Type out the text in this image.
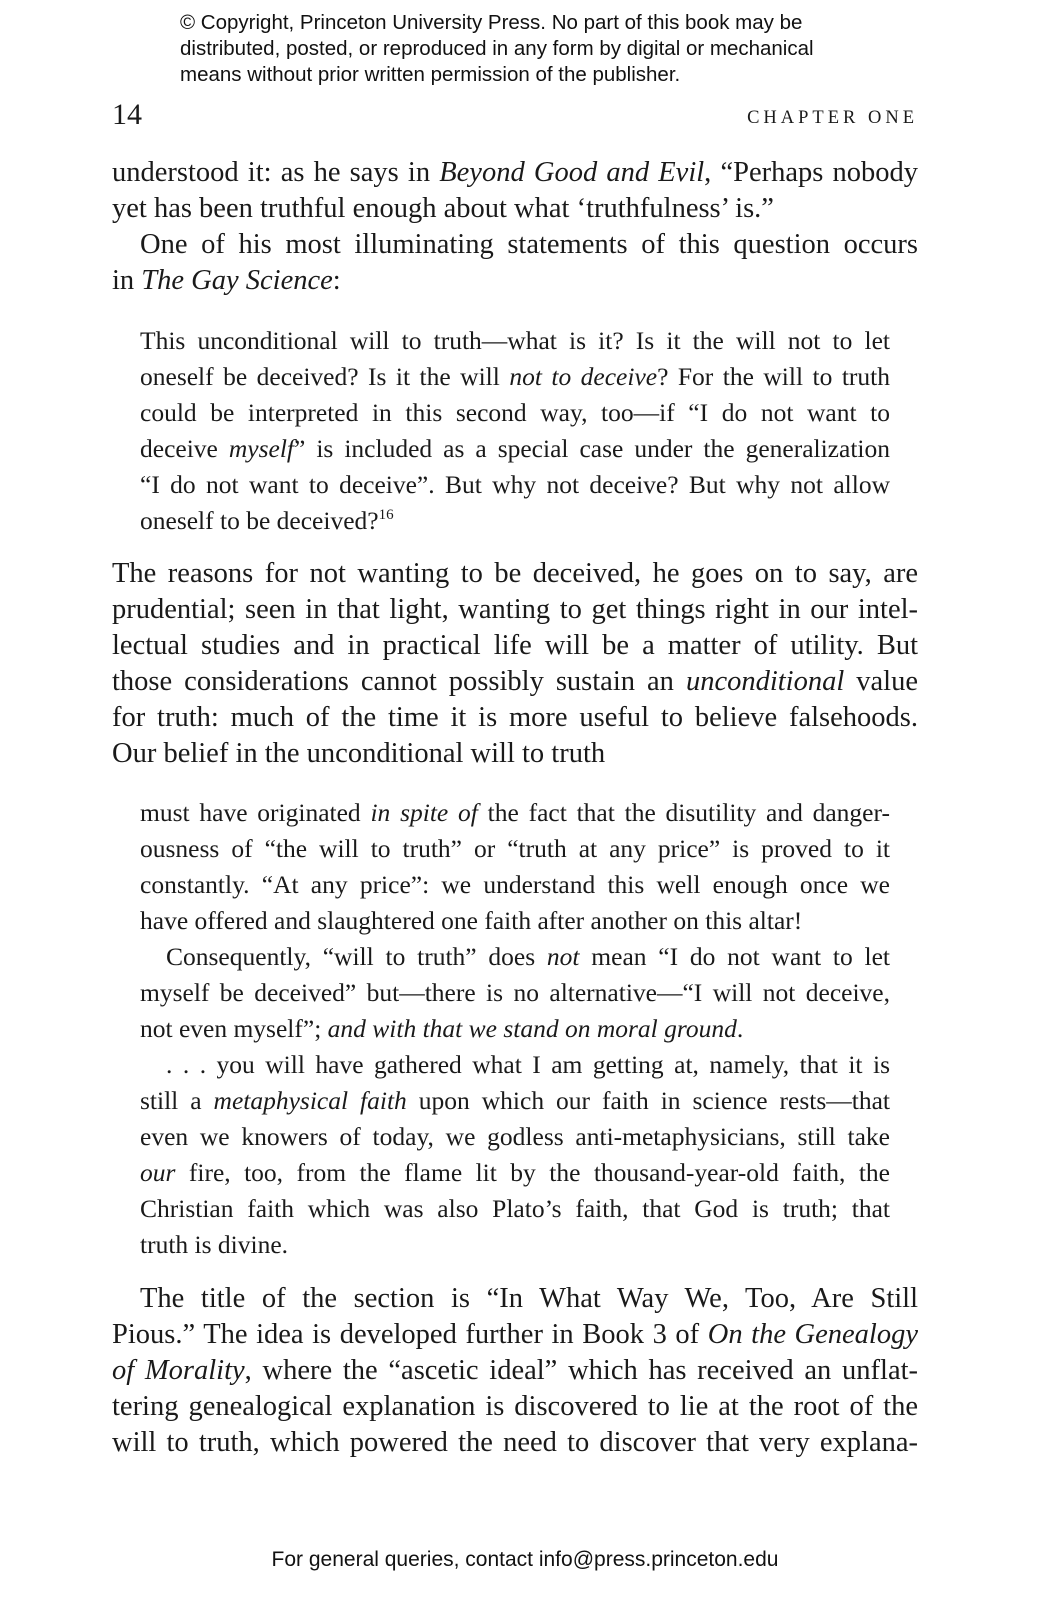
© Copyright, Princeton University Press. No part of this book may be
distributed, posted, or reproduced in any form by digital or mechanical
means without prior written permission of the publisher.
14	CHAPTER ONE
understood it: as he says in Beyond Good and Evil, “Perhaps nobody
yet has been truthful enough about what ‘truthfulness’ is.”
One of his most illuminating statements of this question occurs
in The Gay Science:
This unconditional will to truth—what is it? Is it the will not to let
oneself be deceived? Is it the will not to deceive? For the will to truth
could be interpreted in this second way, too—if “I do not want to
deceive myself” is included as a special case under the generalization
“I do not want to deceive”. But why not deceive? But why not allow
oneself to be deceived?$^{16}$
The reasons for not wanting to be deceived, he goes on to say, are
prudential; seen in that light, wanting to get things right in our intel-
lectual studies and in practical life will be a matter of utility. But
those considerations cannot possibly sustain an unconditional value
for truth: much of the time it is more useful to believe falsehoods.
Our belief in the unconditional will to truth
must have originated in spite of the fact that the disutility and danger-
ousness of “the will to truth” or “truth at any price” is proved to it
constantly. “At any price”: we understand this well enough once we
have offered and slaughtered one faith after another on this altar!
Consequently, “will to truth” does not mean “I do not want to let
myself be deceived” but—there is no alternative—“I will not deceive,
not even myself”; and with that we stand on moral ground.
. . . you will have gathered what I am getting at, namely, that it is
still a metaphysical faith upon which our faith in science rests—that
even we knowers of today, we godless anti-metaphysicians, still take
our fire, too, from the flame lit by the thousand-year-old faith, the
Christian faith which was also Plato’s faith, that God is truth; that
truth is divine.
The title of the section is “In What Way We, Too, Are Still
Pious.” The idea is developed further in Book 3 of On the Genealogy
of Morality, where the “ascetic ideal” which has received an unflat-
tering genealogical explanation is discovered to lie at the root of the
will to truth, which powered the need to discover that very explana-
For general queries, contact info@press.princeton.edu
